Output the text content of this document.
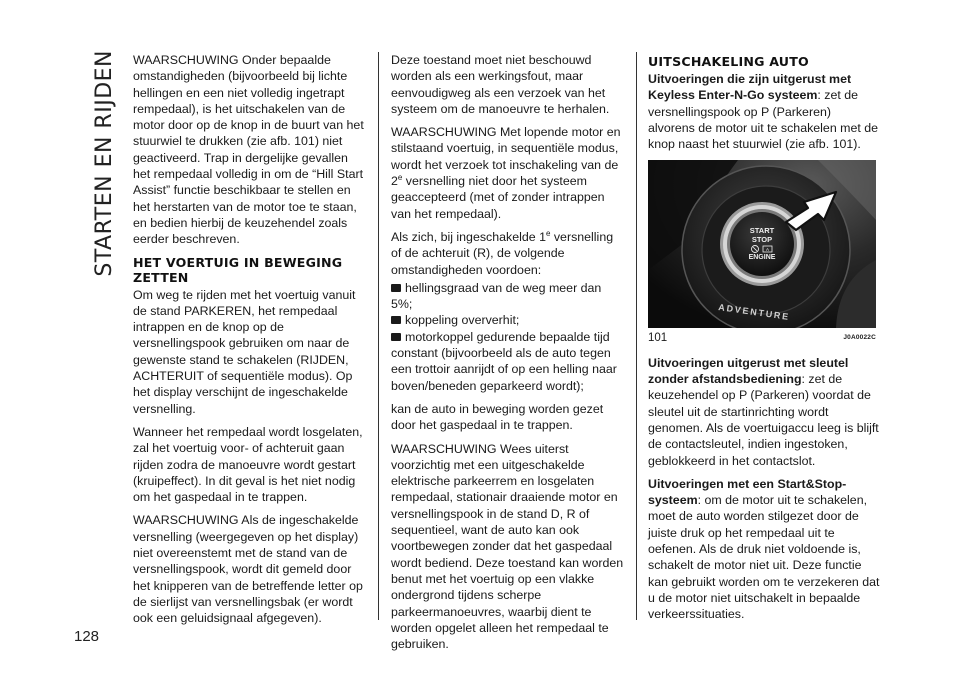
STARTEN EN RIJDEN
128

WAARSCHUWING Onder bepaalde omstandigheden (bijvoorbeeld bij lichte hellingen en een niet volledig ingetrapt rempedaal), is het uitschakelen van de motor door op de knop in de buurt van het stuurwiel te drukken (zie afb. 101) niet geactiveerd. Trap in dergelijke gevallen het rempedaal volledig in om de “Hill Start Assist” functie beschikbaar te stellen en het herstarten van de motor toe te staan, en bedien hierbij de keuzehendel zoals eerder beschreven.

HET VOERTUIG IN BEWEGING ZETTEN

Om weg te rijden met het voertuig vanuit de stand PARKEREN, het rempedaal intrappen en de knop op de versnellingspook gebruiken om naar de gewenste stand te schakelen (RIJDEN, ACHTERUIT of sequentiële modus). Op het display verschijnt de ingeschakelde versnelling.

Wanneer het rempedaal wordt losgelaten, zal het voertuig voor- of achteruit gaan rijden zodra de manoeuvre wordt gestart (kruipeffect). In dit geval is het niet nodig om het gaspedaal in te trappen.

WAARSCHUWING Als de ingeschakelde versnelling (weergegeven op het display) niet overeenstemt met de stand van de versnellingspook, wordt dit gemeld door het knipperen van de betreffende letter op de sierlijst van versnellingsbak (er wordt ook een geluidsignaal afgegeven).

Deze toestand moet niet beschouwd worden als een werkingsfout, maar eenvoudigweg als een verzoek van het systeem om de manoeuvre te herhalen.

WAARSCHUWING Met lopende motor en stilstaand voertuig, in sequentiële modus, wordt het verzoek tot inschakeling van de 2e versnelling niet door het systeem geaccepteerd (met of zonder intrappen van het rempedaal).

Als zich, bij ingeschakelde 1e versnelling of de achteruit (R), de volgende omstandigheden voordoen:

hellingsgraad van de weg meer dan 5%;
koppeling oververhit;
motorkoppel gedurende bepaalde tijd constant (bijvoorbeeld als de auto tegen een trottoir aanrijdt of op een helling naar boven/beneden geparkeerd wordt);

kan de auto in beweging worden gezet door het gaspedaal in te trappen.

WAARSCHUWING Wees uiterst voorzichtig met een uitgeschakelde elektrische parkeerrem en losgelaten rempedaal, stationair draaiende motor en versnellingspook in de stand D, R of sequentieel, want de auto kan ook voortbewegen zonder dat het gaspedaal wordt bediend. Deze toestand kan worden benut met het voertuig op een vlakke ondergrond tijdens scherpe parkeermanoeuvres, waarbij dient te worden opgelet alleen het rempedaal te gebruiken.

UITSCHAKELING AUTO

Uitvoeringen die zijn uitgerust met Keyless Enter-N-Go systeem: zet de versnellingspook op P (Parkeren) alvorens de motor uit te schakelen met de knop naast het stuurwiel (zie afb. 101).

START
STOP
ENGINE
A
ADVENTURE
101	J0A0022C

Uitvoeringen uitgerust met sleutel zonder afstandsbediening: zet de keuzehendel op P (Parkeren) voordat de sleutel uit de startinrichting wordt genomen. Als de voertuigaccu leeg is blijft de contactsleutel, indien ingestoken, geblokkeerd in het contactslot.

Uitvoeringen met een Start&Stop-systeem: om de motor uit te schakelen, moet de auto worden stilgezet door de juiste druk op het rempedaal uit te oefenen. Als de druk niet voldoende is, schakelt de motor niet uit. Deze functie kan gebruikt worden om te verzekeren dat u de motor niet uitschakelt in bepaalde verkeerssituaties.
